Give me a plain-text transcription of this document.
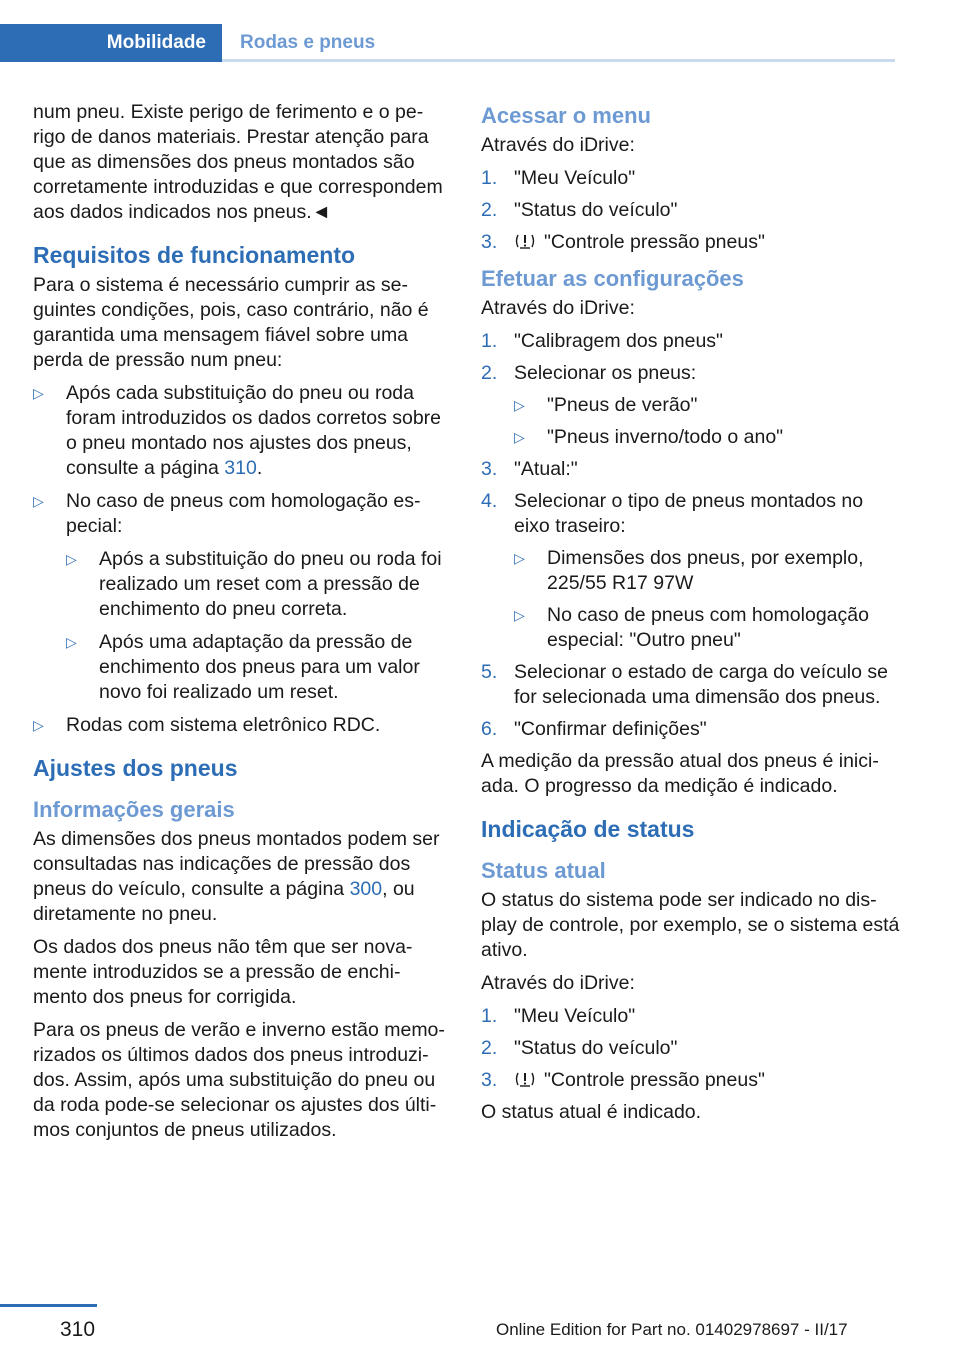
Mobilidade	Rodas e pneus

num pneu. Existe perigo de ferimento e o perigo de danos materiais. Prestar atenção para que as dimensões dos pneus montados são corretamente introduzidas e que correspondem aos dados indicados nos pneus.◄

Requisitos de funcionamento

Para o sistema é necessário cumprir as seguintes condições, pois, caso contrário, não é garantida uma mensagem fiável sobre uma perda de pressão num pneu:

▷	Após cada substituição do pneu ou roda foram introduzidos os dados corretos sobre o pneu montado nos ajustes dos pneus, consulte a página 310.
▷	No caso de pneus com homologação especial:
▷	Após a substituição do pneu ou roda foi realizado um reset com a pressão de enchimento do pneu correta.
▷	Após uma adaptação da pressão de enchimento dos pneus para um valor novo foi realizado um reset.
▷	Rodas com sistema eletrônico RDC.
Ajustes dos pneus
Informações gerais

As dimensões dos pneus montados podem ser consultadas nas indicações de pressão dos pneus do veículo, consulte a página 300, ou diretamente no pneu.

Os dados dos pneus não têm que ser novamente introduzidos se a pressão de enchimento dos pneus for corrigida.

Para os pneus de verão e inverno estão memorizados os últimos dados dos pneus introduzidos. Assim, após uma substituição do pneu ou da roda pode-se selecionar os ajustes dos últimos conjuntos de pneus utilizados.

Acessar o menu

Através do iDrive:

1. "Meu Veículo"
2. "Status do veículo"
3.	"Controle pressão pneus"
Efetuar as configurações

Através do iDrive:

1. "Calibragem dos pneus"
2. Selecionar os pneus:
▷	"Pneus de verão"
▷	"Pneus inverno/todo o ano"
3. "Atual:"
4. Selecionar o tipo de pneus montados no eixo traseiro:
▷	Dimensões dos pneus, por exemplo, 225/55 R17 97W
▷	No caso de pneus com homologação especial: "Outro pneu"
5. Selecionar o estado de carga do veículo se for selecionada uma dimensão dos pneus.
6. "Confirmar definições"

A medição da pressão atual dos pneus é iniciada. O progresso da medição é indicado.

Indicação de status
Status atual

O status do sistema pode ser indicado no display de controle, por exemplo, se o sistema está ativo.

Através do iDrive:

1. "Meu Veículo"
2. "Status do veículo"
3.	"Controle pressão pneus"

O status atual é indicado.

310	Online Edition for Part no. 01402978697 - II/17
